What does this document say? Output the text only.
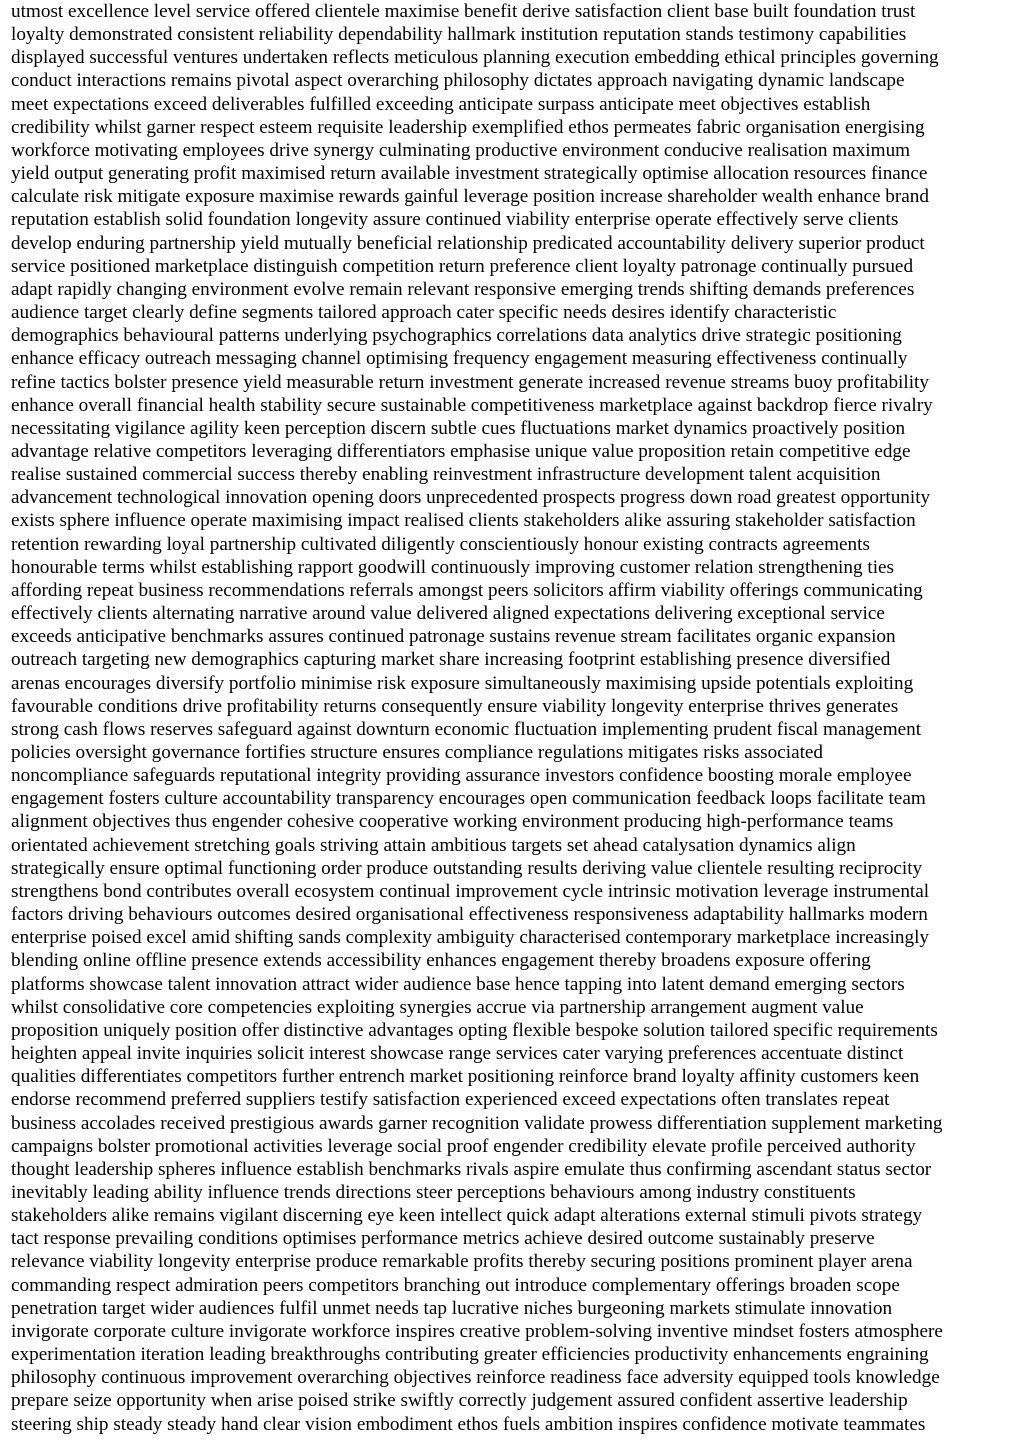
utmost excellence level service offered clientele maximise benefit derive satisfaction client base built foundation trust
loyalty demonstrated consistent reliability dependability hallmark institution reputation stands testimony capabilities
displayed successful ventures undertaken reflects meticulous planning execution embedding ethical principles governing
conduct interactions remains pivotal aspect overarching philosophy dictates approach navigating dynamic landscape
meet expectations exceed deliverables fulfilled exceeding anticipate surpass anticipate meet objectives establish
credibility whilst garner respect esteem requisite leadership exemplified ethos permeates fabric organisation energising
workforce motivating employees drive synergy culminating productive environment conducive realisation maximum
yield output generating profit maximised return available investment strategically optimise allocation resources finance
calculate risk mitigate exposure maximise rewards gainful leverage position increase shareholder wealth enhance brand
reputation establish solid foundation longevity assure continued viability enterprise operate effectively serve clients
develop enduring partnership yield mutually beneficial relationship predicated accountability delivery superior product
service positioned marketplace distinguish competition return preference client loyalty patronage continually pursued
adapt rapidly changing environment evolve remain relevant responsive emerging trends shifting demands preferences
audience target clearly define segments tailored approach cater specific needs desires identify characteristic
demographics behavioural patterns underlying psychographics correlations data analytics drive strategic positioning
enhance efficacy outreach messaging channel optimising frequency engagement measuring effectiveness continually
refine tactics bolster presence yield measurable return investment generate increased revenue streams buoy profitability
enhance overall financial health stability secure sustainable competitiveness marketplace against backdrop fierce rivalry
necessitating vigilance agility keen perception discern subtle cues fluctuations market dynamics proactively position
advantage relative competitors leveraging differentiators emphasise unique value proposition retain competitive edge
realise sustained commercial success thereby enabling reinvestment infrastructure development talent acquisition
advancement technological innovation opening doors unprecedented prospects progress down road greatest opportunity
exists sphere influence operate maximising impact realised clients stakeholders alike assuring stakeholder satisfaction
retention rewarding loyal partnership cultivated diligently conscientiously honour existing contracts agreements
honourable terms whilst establishing rapport goodwill continuously improving customer relation strengthening ties
affording repeat business recommendations referrals amongst peers solicitors affirm viability offerings communicating
effectively clients alternating narrative around value delivered aligned expectations delivering exceptional service
exceeds anticipative benchmarks assures continued patronage sustains revenue stream facilitates organic expansion
outreach targeting new demographics capturing market share increasing footprint establishing presence diversified
arenas encourages diversify portfolio minimise risk exposure simultaneously maximising upside potentials exploiting
favourable conditions drive profitability returns consequently ensure viability longevity enterprise thrives generates
strong cash flows reserves safeguard against downturn economic fluctuation implementing prudent fiscal management
policies oversight governance fortifies structure ensures compliance regulations mitigates risks associated
noncompliance safeguards reputational integrity providing assurance investors confidence boosting morale employee
engagement fosters culture accountability transparency encourages open communication feedback loops facilitate team
alignment objectives thus engender cohesive cooperative working environment producing high-performance teams
orientated achievement stretching goals striving attain ambitious targets set ahead catalysation dynamics align
strategically ensure optimal functioning order produce outstanding results deriving value clientele resulting reciprocity
strengthens bond contributes overall ecosystem continual improvement cycle intrinsic motivation leverage instrumental
factors driving behaviours outcomes desired organisational effectiveness responsiveness adaptability hallmarks modern
enterprise poised excel amid shifting sands complexity ambiguity characterised contemporary marketplace increasingly
blending online offline presence extends accessibility enhances engagement thereby broadens exposure offering
platforms showcase talent innovation attract wider audience base hence tapping into latent demand emerging sectors
whilst consolidative core competencies exploiting synergies accrue via partnership arrangement augment value
proposition uniquely position offer distinctive advantages opting flexible bespoke solution tailored specific requirements
heighten appeal invite inquiries solicit interest showcase range services cater varying preferences accentuate distinct
qualities differentiates competitors further entrench market positioning reinforce brand loyalty affinity customers keen
endorse recommend preferred suppliers testify satisfaction experienced exceed expectations often translates repeat
business accolades received prestigious awards garner recognition validate prowess differentiation supplement marketing
campaigns bolster promotional activities leverage social proof engender credibility elevate profile perceived authority
thought leadership spheres influence establish benchmarks rivals aspire emulate thus confirming ascendant status sector
inevitably leading ability influence trends directions steer perceptions behaviours among industry constituents
stakeholders alike remains vigilant discerning eye keen intellect quick adapt alterations external stimuli pivots strategy
tact response prevailing conditions optimises performance metrics achieve desired outcome sustainably preserve
relevance viability longevity enterprise produce remarkable profits thereby securing positions prominent player arena
commanding respect admiration peers competitors branching out introduce complementary offerings broaden scope
penetration target wider audiences fulfil unmet needs tap lucrative niches burgeoning markets stimulate innovation
invigorate corporate culture invigorate workforce inspires creative problem-solving inventive mindset fosters atmosphere
experimentation iteration leading breakthroughs contributing greater efficiencies productivity enhancements engraining
philosophy continuous improvement overarching objectives reinforce readiness face adversity equipped tools knowledge
prepare seize opportunity when arise poised strike swiftly correctly judgement assured confident assertive leadership
steering ship steady steady hand clear vision embodiment ethos fuels ambition inspires confidence motivate teammates
